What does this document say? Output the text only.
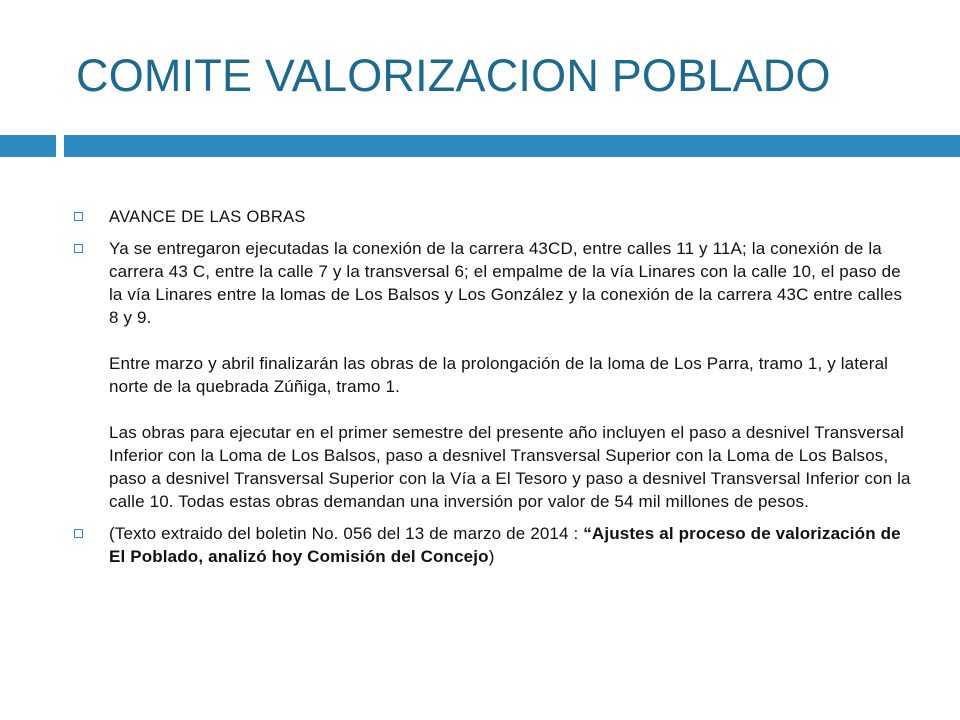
COMITE VALORIZACION POBLADO
AVANCE DE LAS OBRAS

Ya se entregaron ejecutadas la conexión de la carrera 43CD, entre calles 11 y 11A; la conexión de la carrera 43 C, entre la calle 7 y la transversal 6; el empalme de la vía Linares con la calle 10, el paso de la vía Linares entre la lomas de Los Balsos y Los González y la conexión de la carrera 43C entre calles 8 y 9.

Entre marzo y abril finalizarán las obras de la prolongación de la loma de Los Parra, tramo 1, y lateral norte de la quebrada Zúñiga, tramo 1.

Las obras para ejecutar en el primer semestre del presente año incluyen el paso a desnivel Transversal Inferior con la Loma de Los Balsos, paso a desnivel Transversal Superior con la Loma de Los Balsos, paso a desnivel Transversal Superior con la Vía a El Tesoro y paso a desnivel Transversal Inferior con la calle 10. Todas estas obras demandan una inversión por valor de 54 mil millones de pesos.

(Texto extraido del boletin No. 056 del 13 de marzo de 2014 : “Ajustes al proceso de valorización de El Poblado, analizó hoy Comisión del Concejo)
